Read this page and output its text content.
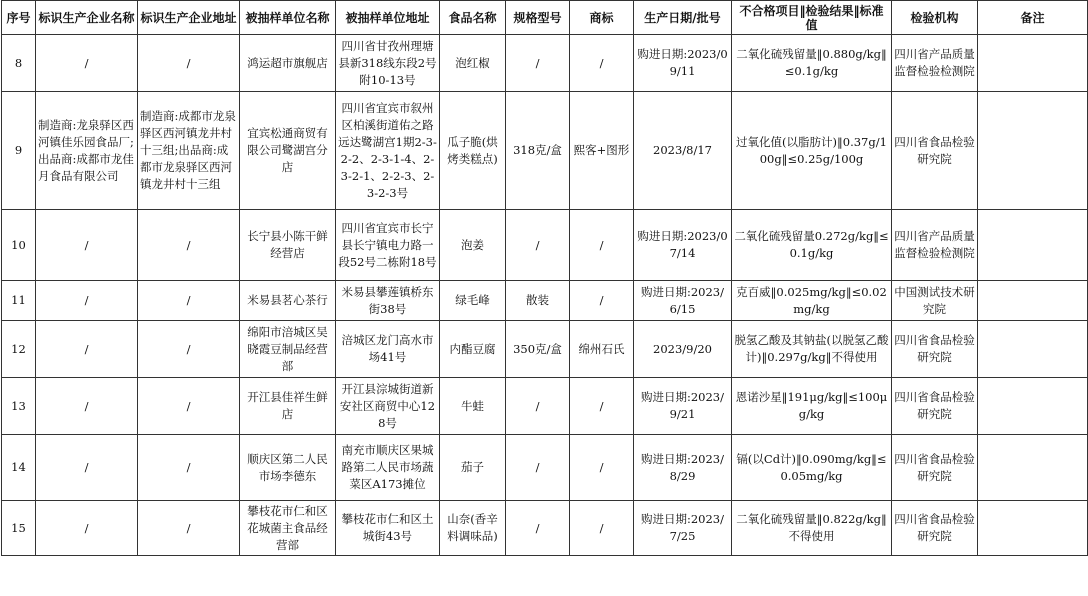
序号	标识生产企业名称	标识生产企业地址	被抽样单位名称	被抽样单位地址	食品名称	规格型号	商标	生产日期/批号	不合格项目‖检验结果‖标准值	检验机构	备注
8	/	/	鸿运超市旗舰店	四川省甘孜州理塘县新318线东段2号附10-13号	泡红椒	/	/	购进日期:2023/09/11	二氧化硫残留量‖0.880g/kg‖≤0.1g/kg	四川省产品质量监督检验检测院	
9	制造商:龙泉驿区西河镇佳乐园食品厂;出品商:成都市龙佳月食品有限公司	制造商:成都市龙泉驿区西河镇龙井村十三组;出品商:成都市龙泉驿区西河镇龙井村十三组	宜宾松通商贸有限公司鹭湖宫分店	四川省宜宾市叙州区柏溪街道佑之路远达鹭湖宫1期2-3-2-2、2-3-1-4、2-3-2-1、2-2-3、2-3-2-3号	瓜子脆(烘烤类糕点)	318克/盒	熙客+图形	2023/8/17	过氧化值(以脂肪计)‖0.37g/100g‖≤0.25g/100g	四川省食品检验研究院	
10	/	/	长宁县小陈干鲜经营店	四川省宜宾市长宁县长宁镇电力路一段52号二栋附18号	泡姜	/	/	购进日期:2023/07/14	二氧化硫残留量0.272g/kg‖≤0.1g/kg	四川省产品质量监督检验检测院	
11	/	/	米易县茗心茶行	米易县攀莲镇桥东街38号	绿毛峰	散装	/	购进日期:2023/6/15	克百威‖0.025mg/kg‖≤0.02mg/kg	中国测试技术研究院	
12	/	/	绵阳市涪城区吴晓霞豆制品经营部	涪城区龙门高水市场41号	内酯豆腐	350克/盒	绵州石氏	2023/9/20	脱氢乙酸及其钠盐(以脱氢乙酸计)‖0.297g/kg‖不得使用	四川省食品检验研究院	
13	/	/	开江县佳祥生鲜店	开江县淙城街道新安社区商贸中心128号	牛蛙	/	/	购进日期:2023/9/21	恩诺沙星‖191μg/kg‖≤100μg/kg	四川省食品检验研究院	
14	/	/	顺庆区第二人民市场李德东	南充市顺庆区果城路第二人民市场蔬菜区A173摊位	茄子	/	/	购进日期:2023/8/29	镉(以Cd计)‖0.090mg/kg‖≤0.05mg/kg	四川省食品检验研究院	
15	/	/	攀枝花市仁和区花城菌主食品经营部	攀枝花市仁和区土城街43号	山奈(香辛料调味品)	/	/	购进日期:2023/7/25	二氧化硫残留量‖0.822g/kg‖不得使用	四川省食品检验研究院	
